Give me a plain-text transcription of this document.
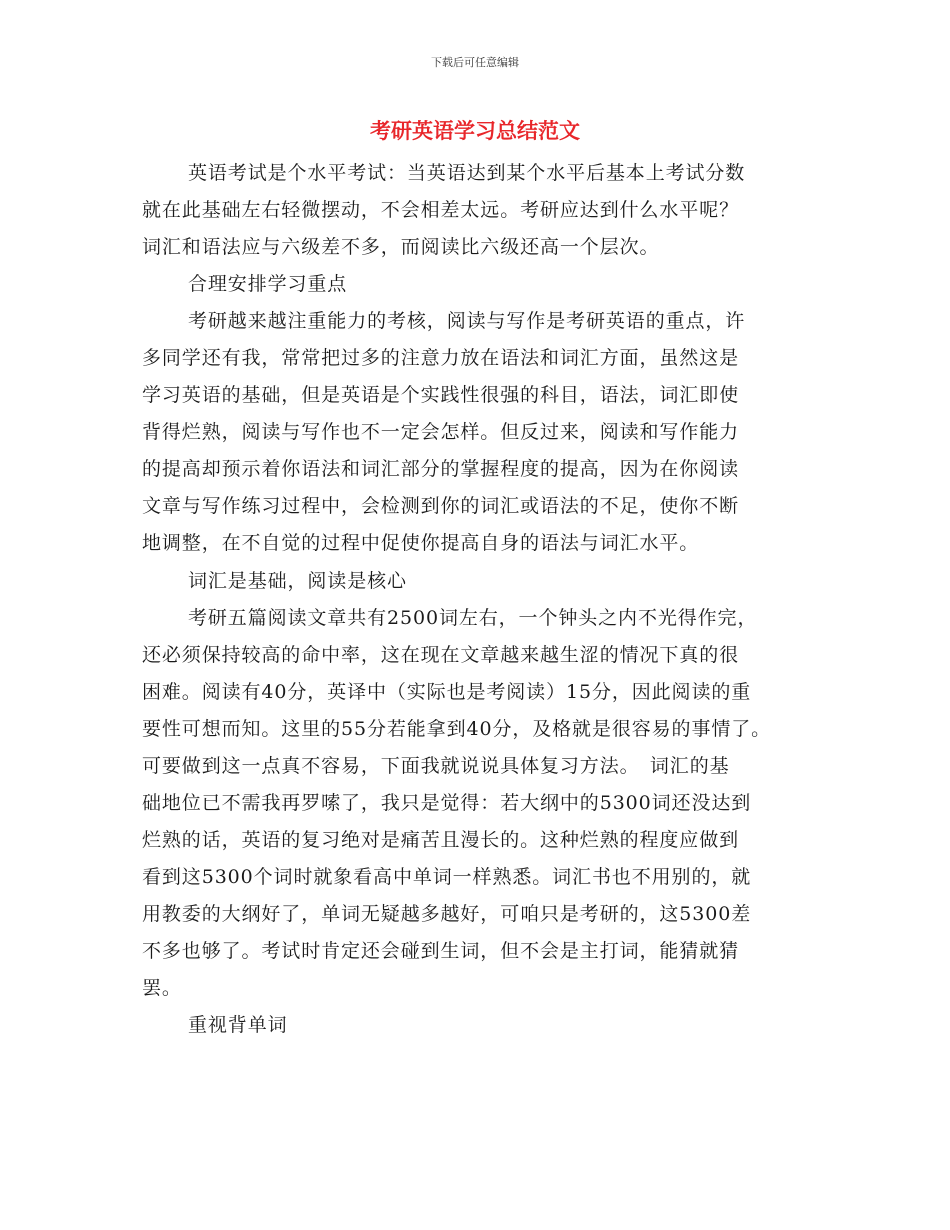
下载后可任意编辑
考研英语学习总结范文
英语考试是个水平考试：当英语达到某个水平后基本上考试分数
就在此基础左右轻微摆动，不会相差太远。考研应达到什么水平呢？
词汇和语法应与六级差不多，而阅读比六级还高一个层次。
合理安排学习重点
考研越来越注重能力的考核，阅读与写作是考研英语的重点，许
多同学还有我，常常把过多的注意力放在语法和词汇方面，虽然这是
学习英语的基础，但是英语是个实践性很强的科目，语法，词汇即使
背得烂熟，阅读与写作也不一定会怎样。但反过来，阅读和写作能力
的提高却预示着你语法和词汇部分的掌握程度的提高，因为在你阅读
文章与写作练习过程中，会检测到你的词汇或语法的不足，使你不断
地调整，在不自觉的过程中促使你提高自身的语法与词汇水平。
词汇是基础，阅读是核心
考研五篇阅读文章共有2500词左右，一个钟头之内不光得作完，
还必须保持较高的命中率，这在现在文章越来越生涩的情况下真的很
困难。阅读有40分，英译中（实际也是考阅读）15分，因此阅读的重
要性可想而知。这里的55分若能拿到40分，及格就是很容易的事情了。
可要做到这一点真不容易，下面我就说说具体复习方法。　词汇的基
础地位已不需我再罗嗦了，我只是觉得：若大纲中的5300词还没达到
烂熟的话，英语的复习绝对是痛苦且漫长的。这种烂熟的程度应做到
看到这5300个词时就象看高中单词一样熟悉。词汇书也不用别的，就
用教委的大纲好了，单词无疑越多越好，可咱只是考研的，这5300差
不多也够了。考试时肯定还会碰到生词，但不会是主打词，能猜就猜
罢。
重视背单词
